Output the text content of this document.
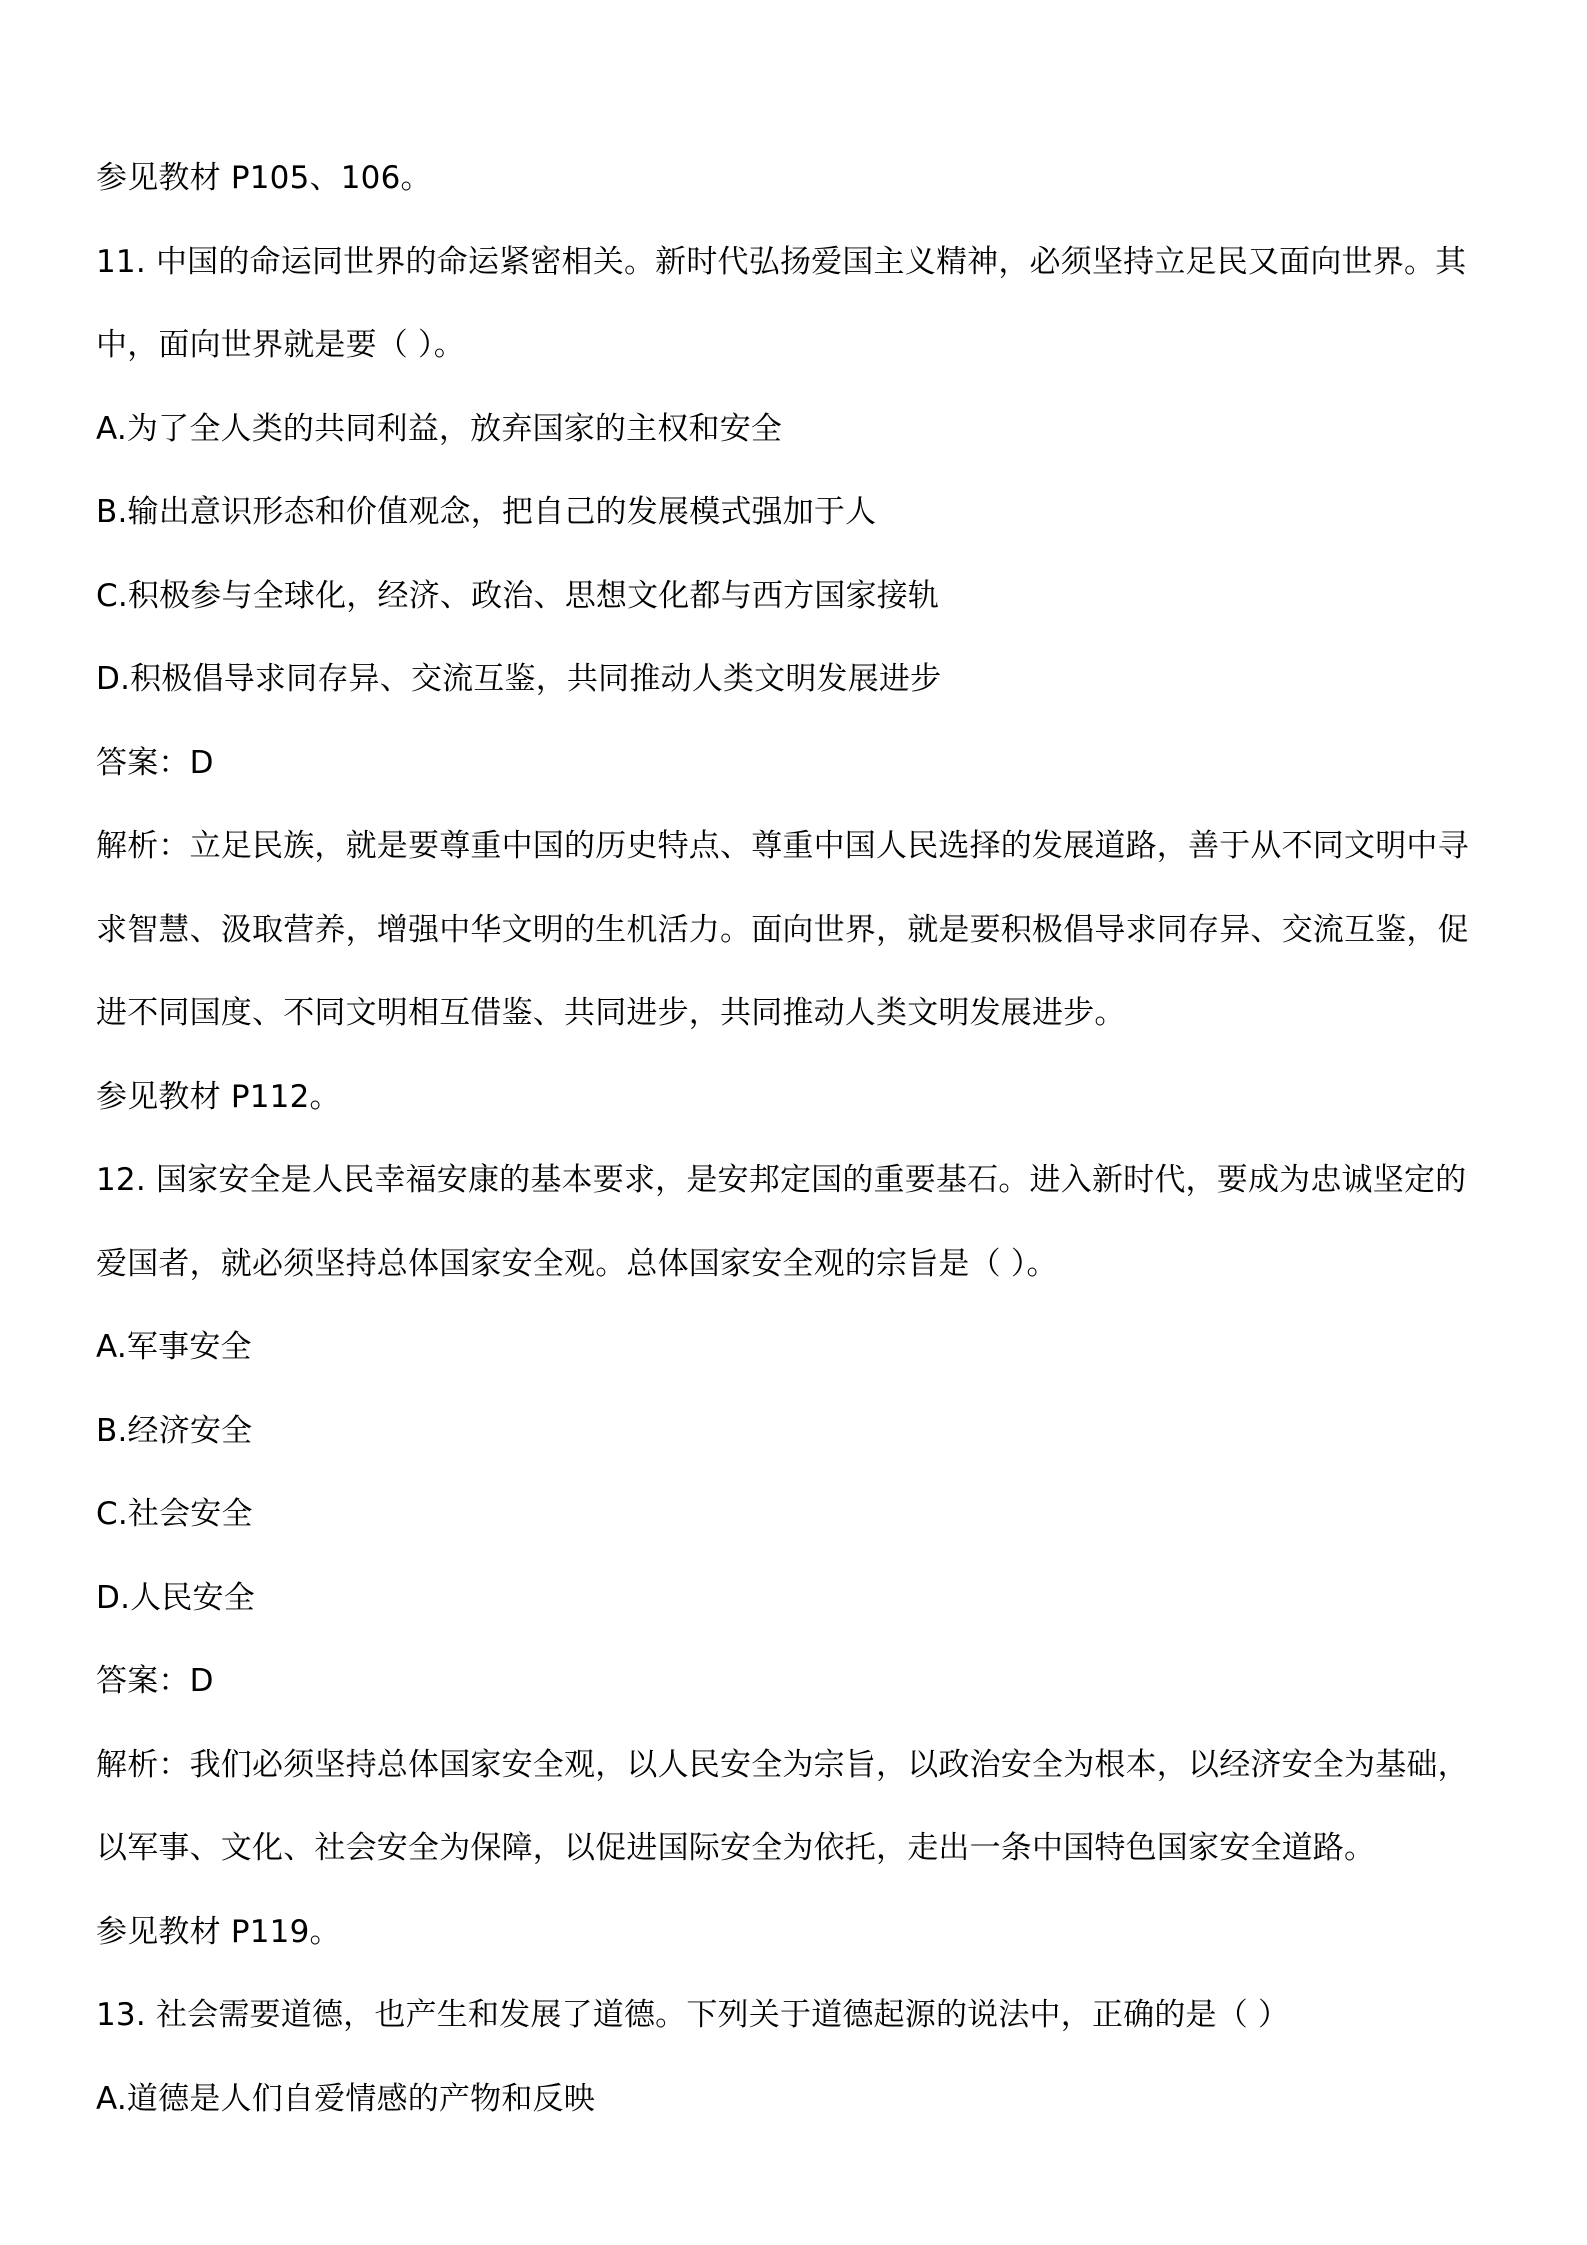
参见教材 P105、106。
11. 中国的命运同世界的命运紧密相关。新时代弘扬爱国主义精神，必须坚持立足民又面向世界。其
中，面向世界就是要（ ）。
A.为了全人类的共同利益，放弃国家的主权和安全
B.输出意识形态和价值观念，把自己的发展模式强加于人
C.积极参与全球化，经济、政治、思想文化都与西方国家接轨
D.积极倡导求同存异、交流互鉴，共同推动人类文明发展进步
答案：D
解析：立足民族，就是要尊重中国的历史特点、尊重中国人民选择的发展道路，善于从不同文明中寻
求智慧、汲取营养，增强中华文明的生机活力。面向世界，就是要积极倡导求同存异、交流互鉴，促
进不同国度、不同文明相互借鉴、共同进步，共同推动人类文明发展进步。
参见教材 P112。
12. 国家安全是人民幸福安康的基本要求，是安邦定国的重要基石。进入新时代，要成为忠诚坚定的
爱国者，就必须坚持总体国家安全观。总体国家安全观的宗旨是（ ）。
A.军事安全
B.经济安全
C.社会安全
D.人民安全
答案：D
解析：我们必须坚持总体国家安全观，以人民安全为宗旨，以政治安全为根本，以经济安全为基础，
以军事、文化、社会安全为保障，以促进国际安全为依托，走出一条中国特色国家安全道路。
参见教材 P119。
13. 社会需要道德，也产生和发展了道德。下列关于道德起源的说法中，正确的是（ ）
A.道德是人们自爱情感的产物和反映
